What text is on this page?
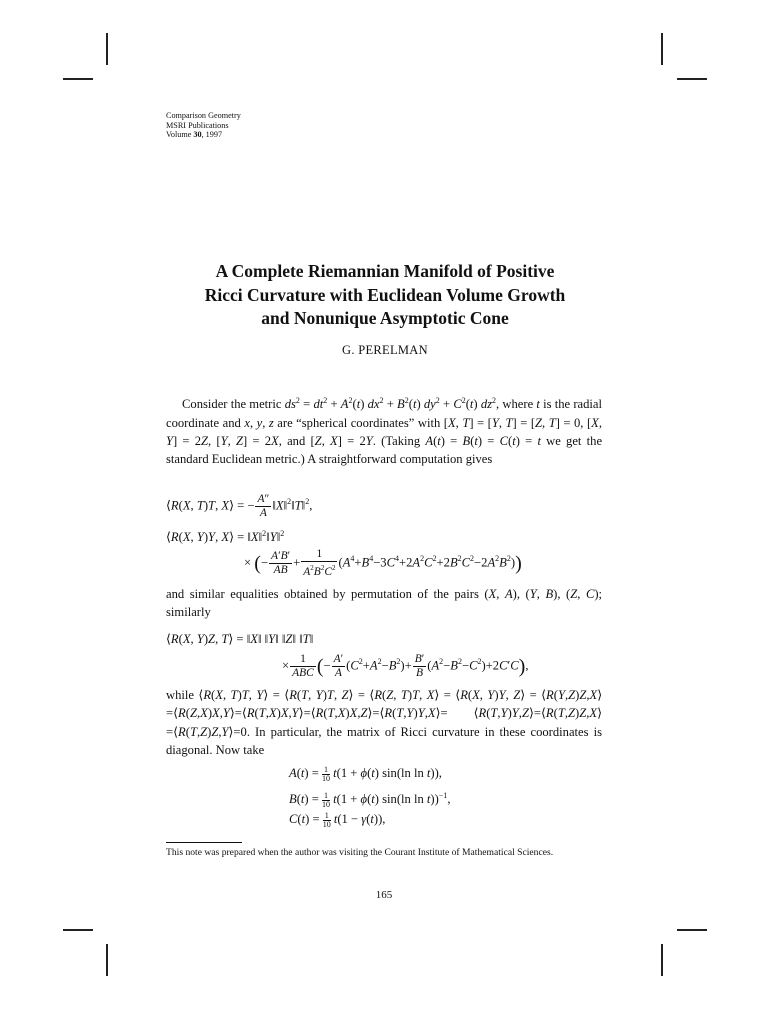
Comparison Geometry
MSRI Publications
Volume 30, 1997
A Complete Riemannian Manifold of Positive
Ricci Curvature with Euclidean Volume Growth
and Nonunique Asymptotic Cone
G. PERELMAN
Consider the metric $ds^2 = dt^2 + A^2(t) dx^2 + B^2(t) dy^2 + C^2(t)$ $dz^2$, where t is the radial coordinate and x, y, z are “spherical coordinates” with [X, T] = [Y, T] = [Z, T] = 0, [X, Y] = 2Z, [Y, Z] = 2X, and [Z, X] = 2Y. (Taking A(t) = B(t) = C(t) = t we get the standard Euclidean metric.) A straightforward computation gives
⟨R(X, T)T, X⟩ = − $\frac{A''}{A}$ ‖X‖$^2$‖T‖$^2$,
⟨R(X, Y)Y, X⟩ = ‖X‖$^2$‖Y‖$^2$
× (− $\frac{A'B'}{AB} + \frac{1}{A^2B^2C^2} (A^4+B^4-3C^4+2A^2C^2+2B^2C^2-2A^2B^2)$)
and similar equalities obtained by permutation of the pairs (X, A), (Y, B), (Z, C); similarly
⟨R(X, Y)Z, T⟩ = ‖X‖ ‖Y‖ ‖Z‖ ‖T‖
× $\frac{1}{\text{ABC}}$ (− $\frac{A'}{A} (C^2+A^2-B^2)+ \frac{B'}{B} (A^2-B^2-C^2)+2C'C$),
while ⟨R(X, T)T, Y⟩ = ⟨R(T, Y)T, Z⟩ = ⟨R(Z, T)T, X⟩ = ⟨R(X, Y)Y, Z⟩ = ⟨R(Y,Z)Z,X⟩=⟨R(Z,X)X,Y⟩=⟨R(T,X)X,Y⟩=⟨R(T,X)X,Z⟩=⟨R(T,Y)Y,X⟩= ⟨R(T,Y)Y,Z⟩=⟨R(T,Z)Z,X⟩=⟨R(T,Z)Z,Y⟩=0. In particular, the matrix of Ricci curvature in these coordinates is diagonal. Now take
$A(t) = \frac{1}{10} t(1 + \phi(t)$ sin(ln ln t)),
$B(t) = \frac{1}{10} t(1 + \phi(t)$ sin(ln ln t))$^{-1}$,
$C(t) = \frac{1}{10} t(1 - \gamma(t))$,
This note was prepared when the author was visiting the Courant Institute of Mathematical Sciences.
165
